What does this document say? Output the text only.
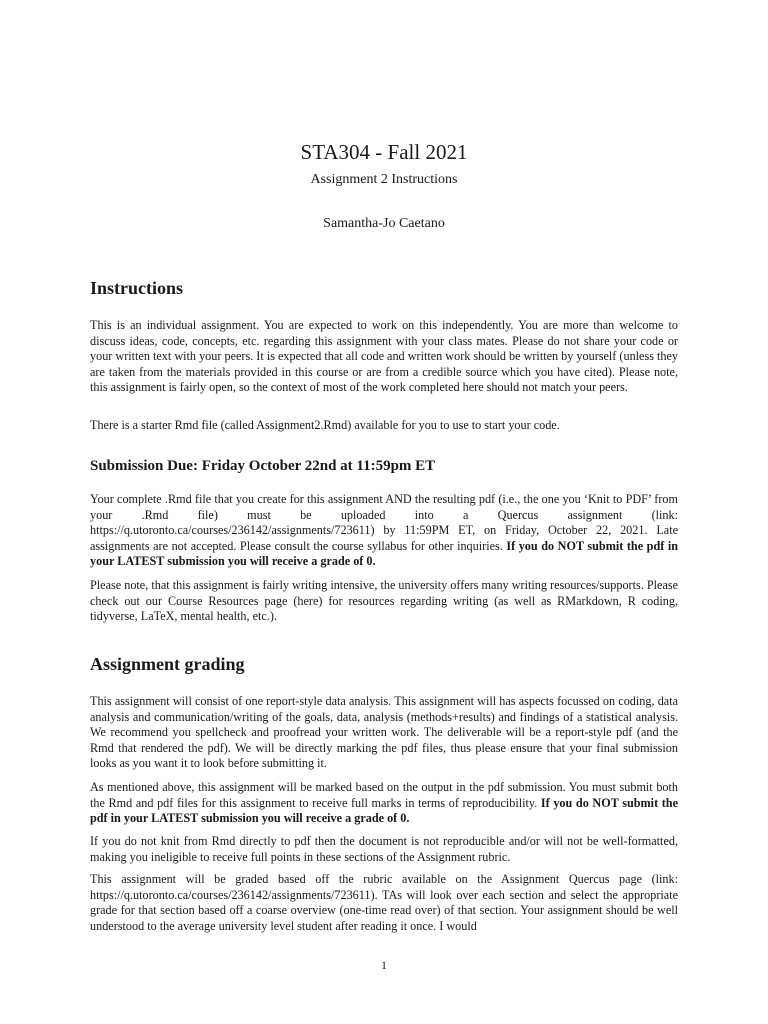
STA304 - Fall 2021
Assignment 2 Instructions
Samantha-Jo Caetano
Instructions

This is an individual assignment. You are expected to work on this independently. You are more than welcome to discuss ideas, code, concepts, etc. regarding this assignment with your class mates. Please do not share your code or your written text with your peers. It is expected that all code and written work should be written by yourself (unless they are taken from the materials provided in this course or are from a credible source which you have cited). Please note, this assignment is fairly open, so the context of most of the work completed here should not match your peers.

There is a starter Rmd file (called Assignment2.Rmd) available for you to use to start your code.

Submission Due: Friday October 22nd at 11:59pm ET

Your complete .Rmd file that you create for this assignment AND the resulting pdf (i.e., the one you ‘Knit to PDF’ from your .Rmd file) must be uploaded into a Quercus assignment (link: https://q.utoronto.ca/courses/236142/assignments/723611) by 11:59PM ET, on Friday, October 22, 2021. Late assignments are not accepted. Please consult the course syllabus for other inquiries. If you do NOT submit the pdf in your LATEST submission you will receive a grade of 0.

Please note, that this assignment is fairly writing intensive, the university offers many writing resources/supports. Please check out our Course Resources page (here) for resources regarding writing (as well as RMarkdown, R coding, tidyverse, LaTeX, mental health, etc.).

Assignment grading

This assignment will consist of one report-style data analysis. This assignment will has aspects focussed on coding, data analysis and communication/writing of the goals, data, analysis (methods+results) and findings of a statistical analysis. We recommend you spellcheck and proofread your written work. The deliverable will be a report-style pdf (and the Rmd that rendered the pdf). We will be directly marking the pdf files, thus please ensure that your final submission looks as you want it to look before submitting it.

As mentioned above, this assignment will be marked based on the output in the pdf submission. You must submit both the Rmd and pdf files for this assignment to receive full marks in terms of reproducibility. If you do NOT submit the pdf in your LATEST submission you will receive a grade of 0.

If you do not knit from Rmd directly to pdf then the document is not reproducible and/or will not be well-formatted, making you ineligible to receive full points in these sections of the Assignment rubric.

This assignment will be graded based off the rubric available on the Assignment Quercus page (link: https://q.utoronto.ca/courses/236142/assignments/723611). TAs will look over each section and select the appropriate grade for that section based off a coarse overview (one-time read over) of that section. Your assignment should be well understood to the average university level student after reading it once. I would

1
